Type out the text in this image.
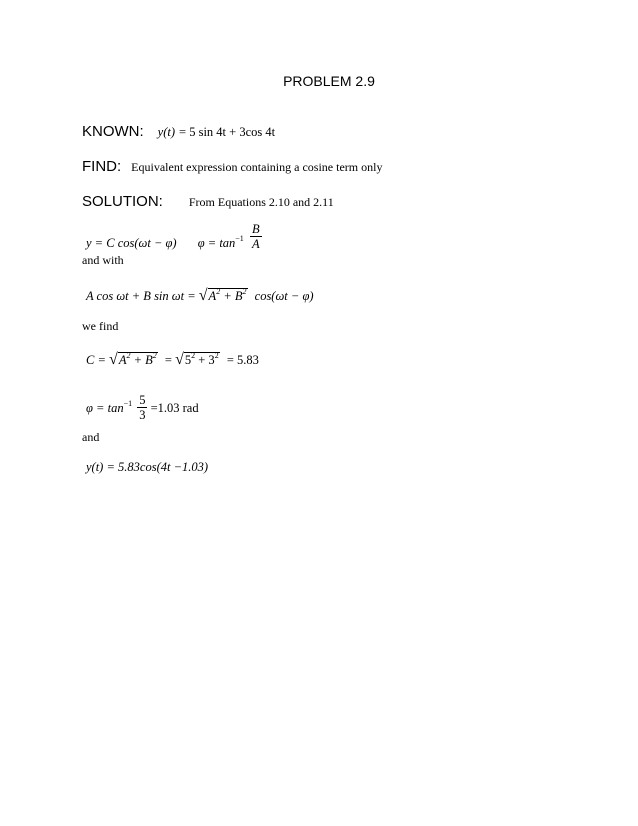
PROBLEM 2.9
KNOWN: y(t) = 5 sin 4t + 3cos 4t
FIND: Equivalent expression containing a cosine term only
SOLUTION: From Equations 2.10 and 2.11
y = C cos(ωt − φ) $\varphi = \tan-1 \frac{B}{A}$
and with
A cos ωt + B $\sin \omega t = √A^2 + B^2$ cos(ωt − φ)
we find
$C = √A^2 + B^2 = √5^2 + 3^2 = 5.83$
$\varphi = \tan^{-1} \frac{5}{3} =1.03$ rad
and
y(t) = 5.83cos(4t −1.03)
